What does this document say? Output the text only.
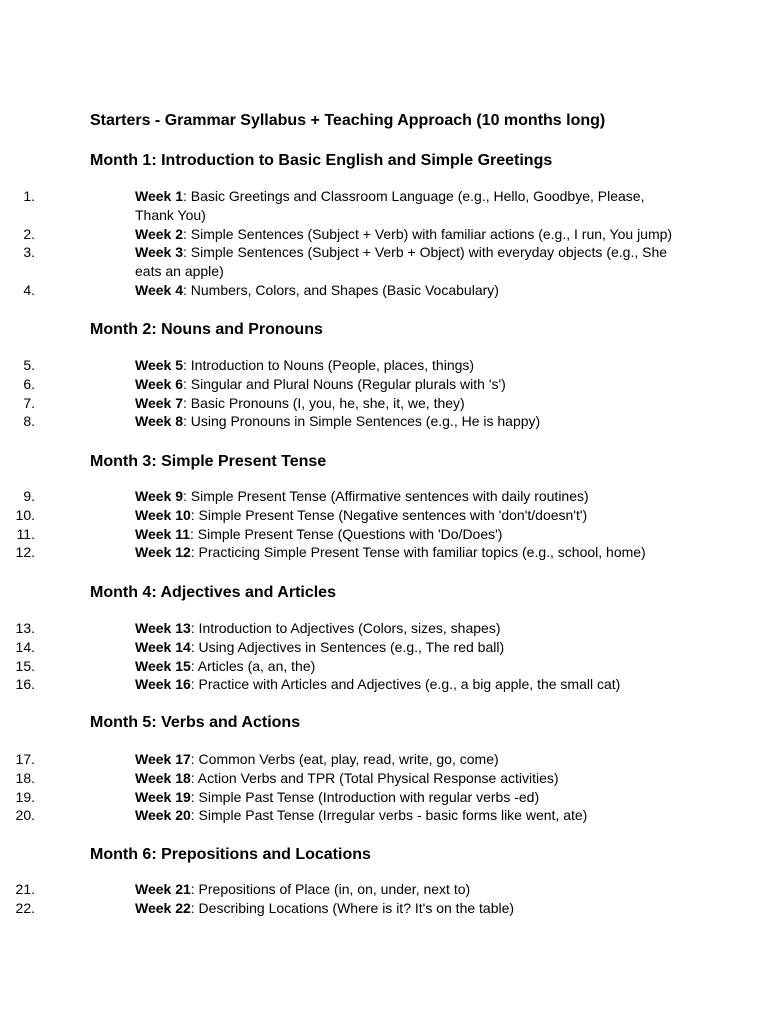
Starters - Grammar Syllabus + Teaching Approach (10 months long)
Month 1: Introduction to Basic English and Simple Greetings
1.	Week 1: Basic Greetings and Classroom Language (e.g., Hello, Goodbye, Please, Thank You)
2.	Week 2: Simple Sentences (Subject + Verb) with familiar actions (e.g., I run, You jump)
3.	Week 3: Simple Sentences (Subject + Verb + Object) with everyday objects (e.g., She eats an apple)
4.	Week 4: Numbers, Colors, and Shapes (Basic Vocabulary)
Month 2: Nouns and Pronouns
5.	Week 5: Introduction to Nouns (People, places, things)
6.	Week 6: Singular and Plural Nouns (Regular plurals with 's')
7.	Week 7: Basic Pronouns (I, you, he, she, it, we, they)
8.	Week 8: Using Pronouns in Simple Sentences (e.g., He is happy)
Month 3: Simple Present Tense
9.	Week 9: Simple Present Tense (Affirmative sentences with daily routines)
10.	Week 10: Simple Present Tense (Negative sentences with 'don't/doesn't')
11.	Week 11: Simple Present Tense (Questions with 'Do/Does')
12.	Week 12: Practicing Simple Present Tense with familiar topics (e.g., school, home)
Month 4: Adjectives and Articles
13.	Week 13: Introduction to Adjectives (Colors, sizes, shapes)
14.	Week 14: Using Adjectives in Sentences (e.g., The red ball)
15.	Week 15: Articles (a, an, the)
16.	Week 16: Practice with Articles and Adjectives (e.g., a big apple, the small cat)
Month 5: Verbs and Actions
17.	Week 17: Common Verbs (eat, play, read, write, go, come)
18.	Week 18: Action Verbs and TPR (Total Physical Response activities)
19.	Week 19: Simple Past Tense (Introduction with regular verbs -ed)
20.	Week 20: Simple Past Tense (Irregular verbs - basic forms like went, ate)
Month 6: Prepositions and Locations
21.	Week 21: Prepositions of Place (in, on, under, next to)
22.	Week 22: Describing Locations (Where is it? It's on the table)
